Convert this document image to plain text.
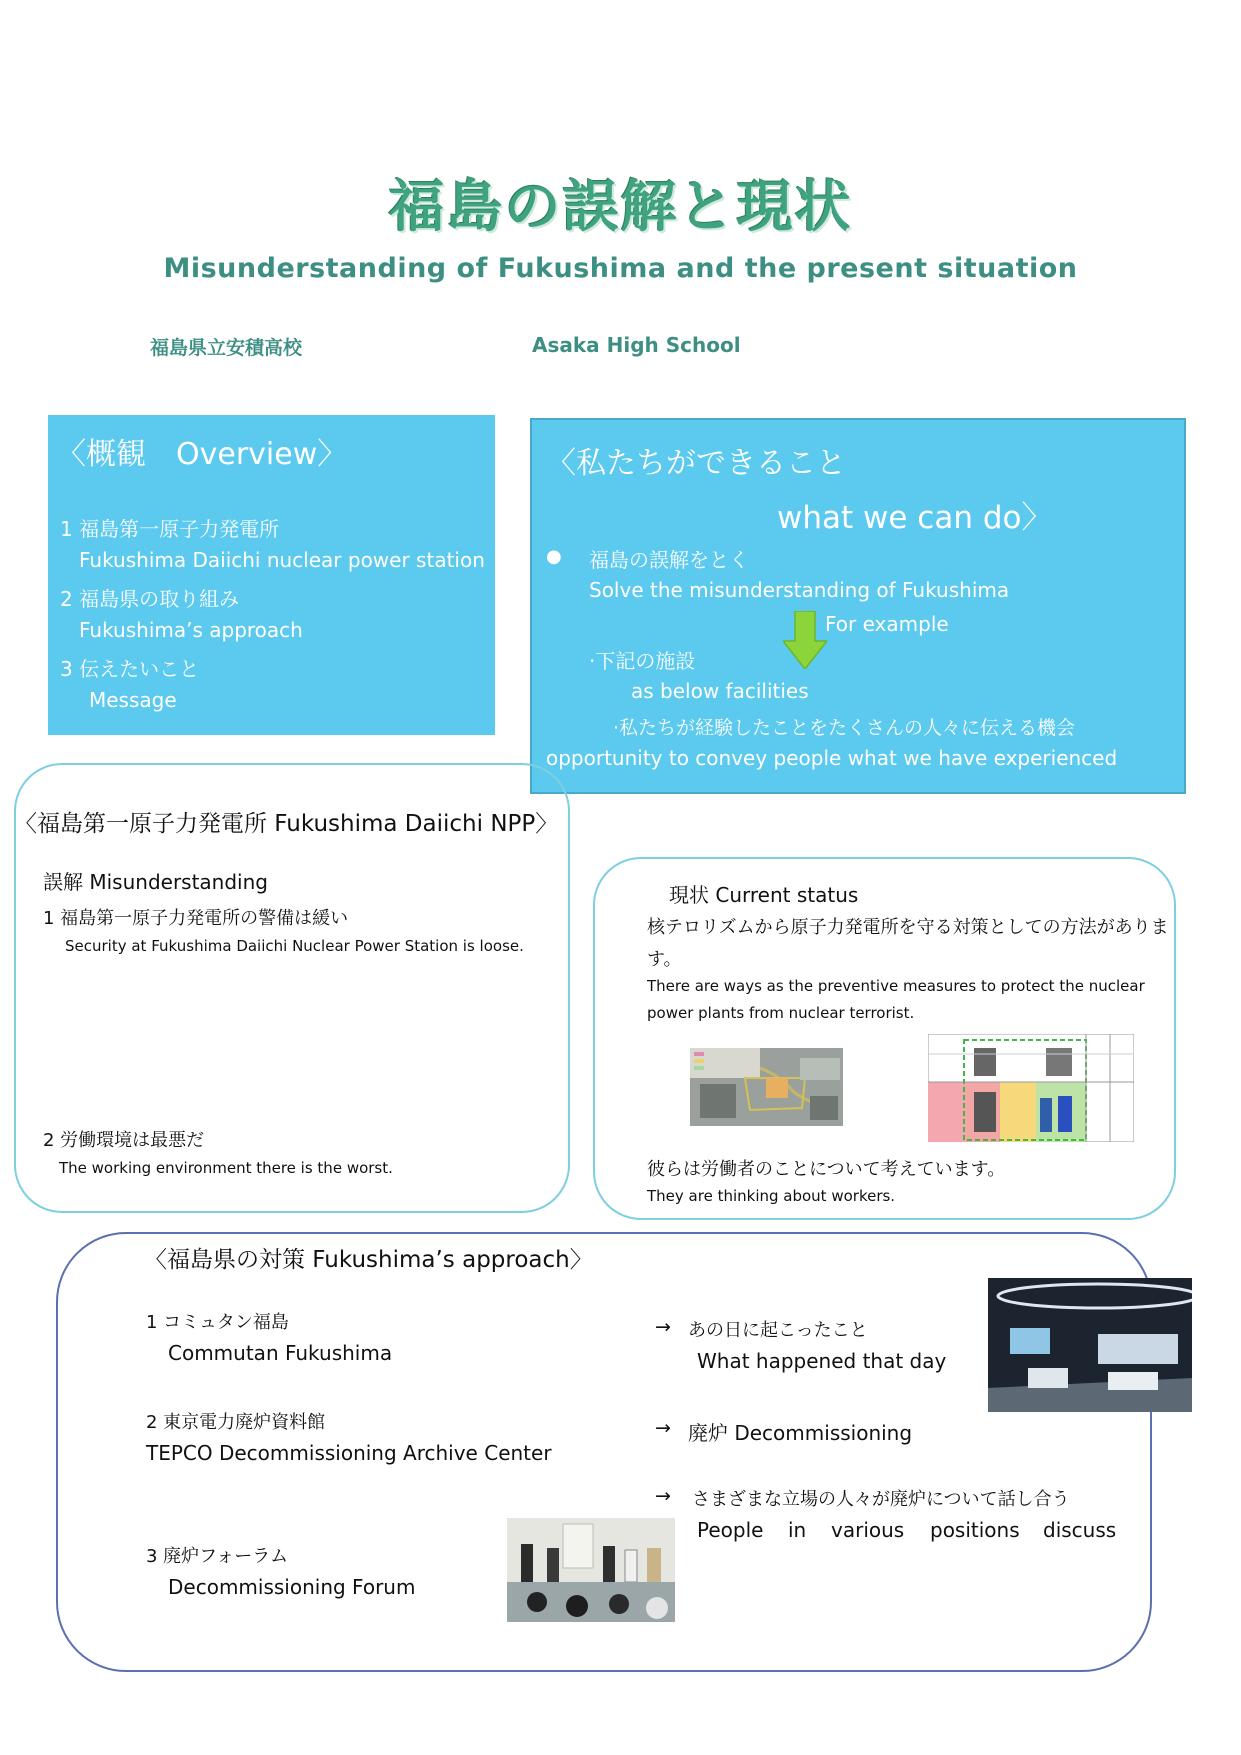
福島の誤解と現状
Misunderstanding of Fukushima and the present situation
福島県立安積高校	Asaka High School
〈概観　Overview〉
1 福島第一原子力発電所
Fukushima Daiichi nuclear power station
2 福島県の取り組み
Fukushima’s approach
3 伝えたいこと
Message
〈私たちができること
what we can do〉
● 福島の誤解をとく
Solve the misunderstanding of Fukushima
For example
·下記の施設
as below facilities
·私たちが経験したことをたくさんの人々に伝える機会
opportunity to convey people what we have experienced
〈福島第一原子力発電所 Fukushima Daiichi NPP〉
誤解 Misunderstanding
1 福島第一原子力発電所の警備は緩い
Security at Fukushima Daiichi Nuclear Power Station is loose.
2 労働環境は最悪だ
The working environment there is the worst.
現状 Current status
核テロリズムから原子力発電所を守る対策としての方法がありま
す。
There are ways as the preventive measures to protect the nuclear
power plants from nuclear terrorist.
彼らは労働者のことについて考えています。
They are thinking about workers.
〈福島県の対策 Fukushima’s approach〉
1 コミュタン福島
Commutan Fukushima
2 東京電力廃炉資料館
TEPCO Decommissioning Archive Center
3 廃炉フォーラム
Decommissioning Forum
→ あの日に起こったこと
What happened that day
→ 廃炉 Decommissioning
→ さまざまな立場の人々が廃炉について話し合う
People in various positions discuss
